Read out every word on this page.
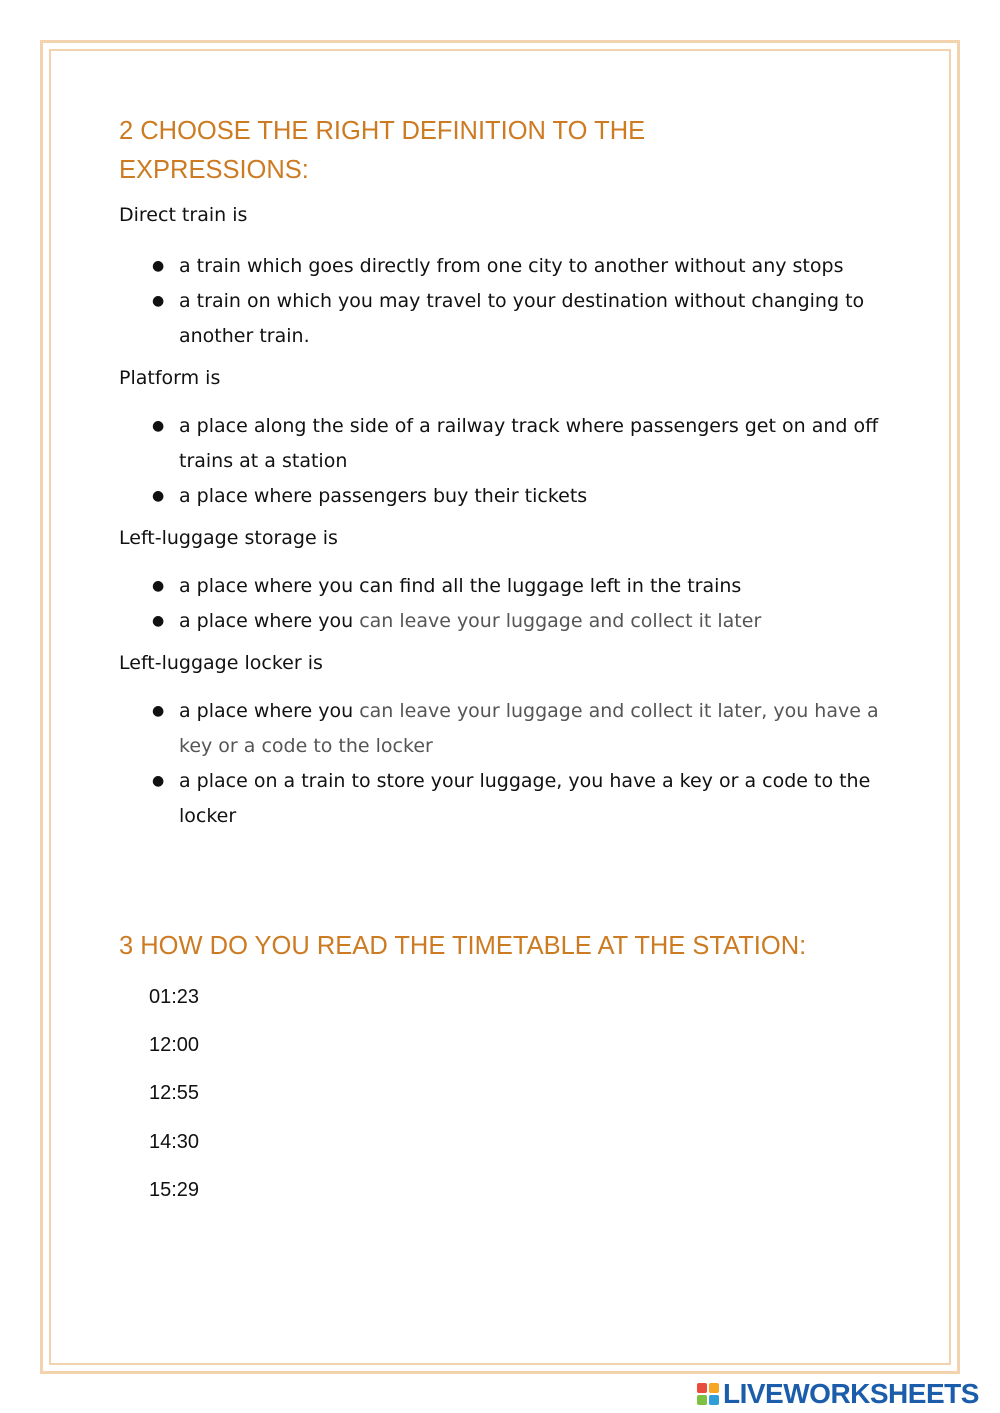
2 CHOOSE THE RIGHT DEFINITION TO THE EXPRESSIONS:

Direct train is

● a train which goes directly from one city to another without any stops
● a train on which you may travel to your destination without changing to another train.

Platform is

● a place along the side of a railway track where passengers get on and off trains at a station
● a place where passengers buy their tickets

Left-luggage storage is

● a place where you can find all the luggage left in the trains
● a place where you can leave your luggage and collect it later

Left-luggage locker is

● a place where you can leave your luggage and collect it later, you have a key or a code to the locker
● a place on a train to store your luggage, you have a key or a code to the locker
3 HOW DO YOU READ THE TIMETABLE AT THE STATION:
01:23
12:00
12:55
14:30
15:29
LIVEWORKSHEETS
